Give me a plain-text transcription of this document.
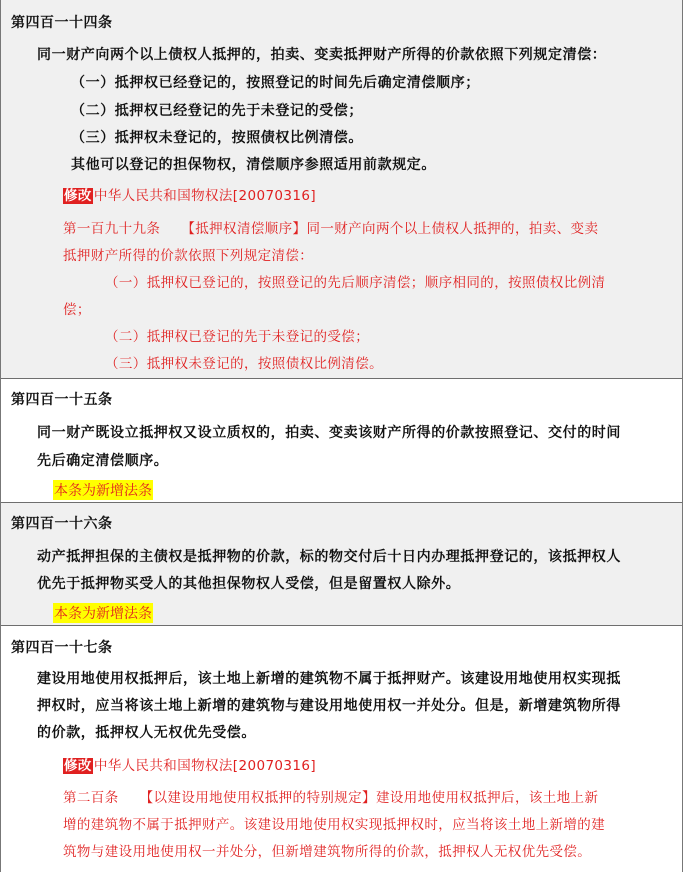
第四百一十四条
同一财产向两个以上债权人抵押的，拍卖、变卖抵押财产所得的价款依照下列规定清偿：
（一）抵押权已经登记的，按照登记的时间先后确定清偿顺序；
（二）抵押权已经登记的先于未登记的受偿；
（三）抵押权未登记的，按照债权比例清偿。
其他可以登记的担保物权，清偿顺序参照适用前款规定。
修改 中华人民共和国物权法[20070316]
第一百九十九条　　【抵押权清偿顺序】同一财产向两个以上债权人抵押的，拍卖、变卖
抵押财产所得的价款依照下列规定清偿：
（一）抵押权已登记的，按照登记的先后顺序清偿；顺序相同的，按照债权比例清
偿；
（二）抵押权已登记的先于未登记的受偿；
（三）抵押权未登记的，按照债权比例清偿。
第四百一十五条
同一财产既设立抵押权又设立质权的，拍卖、变卖该财产所得的价款按照登记、交付的时间
先后确定清偿顺序。
本条为新增法条
第四百一十六条
动产抵押担保的主债权是抵押物的价款，标的物交付后十日内办理抵押登记的，该抵押权人
优先于抵押物买受人的其他担保物权人受偿，但是留置权人除外。
本条为新增法条
第四百一十七条
建设用地使用权抵押后，该土地上新增的建筑物不属于抵押财产。该建设用地使用权实现抵
押权时，应当将该土地上新增的建筑物与建设用地使用权一并处分。但是，新增建筑物所得
的价款，抵押权人无权优先受偿。
修改 中华人民共和国物权法[20070316]
第二百条　　【以建设用地使用权抵押的特别规定】建设用地使用权抵押后，该土地上新
增的建筑物不属于抵押财产。该建设用地使用权实现抵押权时，应当将该土地上新增的建
筑物与建设用地使用权一并处分，但新增建筑物所得的价款，抵押权人无权优先受偿。
